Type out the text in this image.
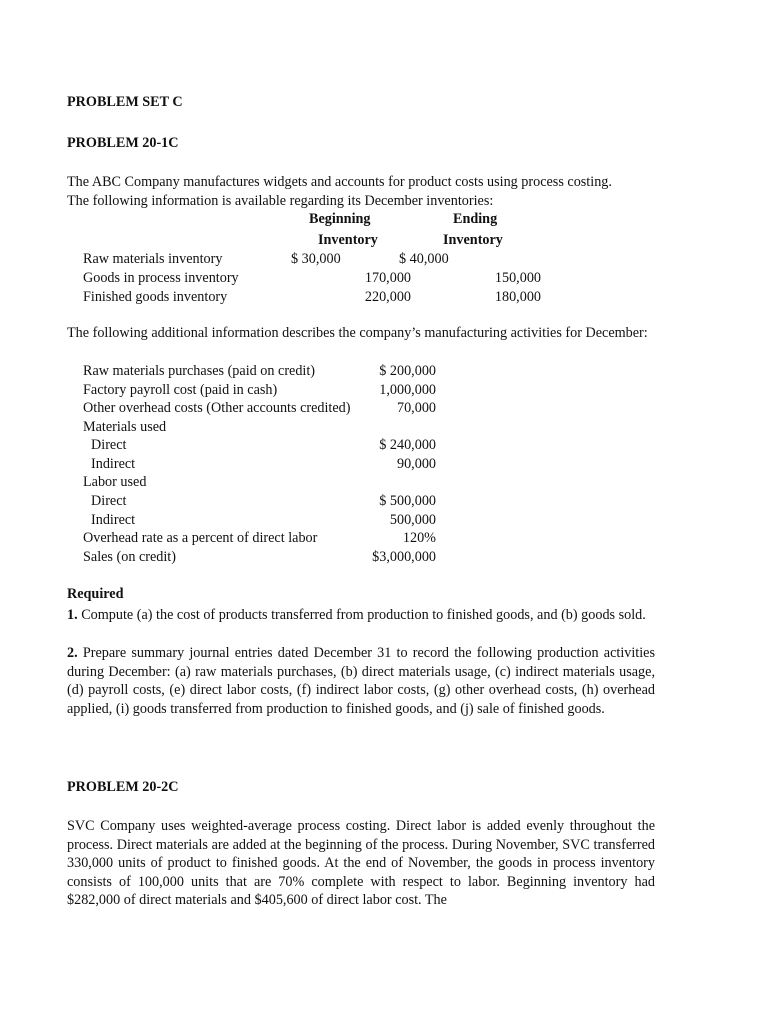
PROBLEM SET C
PROBLEM 20-1C
The ABC Company manufactures widgets and accounts for product costs using process costing.
The following information is available regarding its December inventories:
Beginning	Ending
Inventory	Inventory
Raw materials inventory	$ 30,000	$ 40,000
Goods in process inventory	170,000	150,000
Finished goods inventory	220,000	180,000
The following additional information describes the company’s manufacturing activities for December:
Raw materials purchases (paid on credit)	$ 200,000
Factory payroll cost (paid in cash)	1,000,000
Other overhead costs (Other accounts credited)	70,000
Materials used
Direct	$ 240,000
Indirect	90,000
Labor used
Direct	$ 500,000
Indirect	500,000
Overhead rate as a percent of direct labor	120%
Sales (on credit)	$3,000,000
Required
1. Compute (a) the cost of products transferred from production to finished goods, and (b) goods sold.
2. Prepare summary journal entries dated December 31 to record the following production activities during December: (a) raw materials purchases, (b) direct materials usage, (c) indirect materials usage, (d) payroll costs, (e) direct labor costs, (f) indirect labor costs, (g) other overhead costs, (h) overhead applied, (i) goods transferred from production to finished goods, and (j) sale of finished goods.
PROBLEM 20-2C
SVC Company uses weighted-average process costing. Direct labor is added evenly throughout the process. Direct materials are added at the beginning of the process. During November, SVC transferred 330,000 units of product to finished goods. At the end of November, the goods in process inventory consists of 100,000 units that are 70% complete with respect to labor. Beginning inventory had $282,000 of direct materials and $405,600 of direct labor cost. The
